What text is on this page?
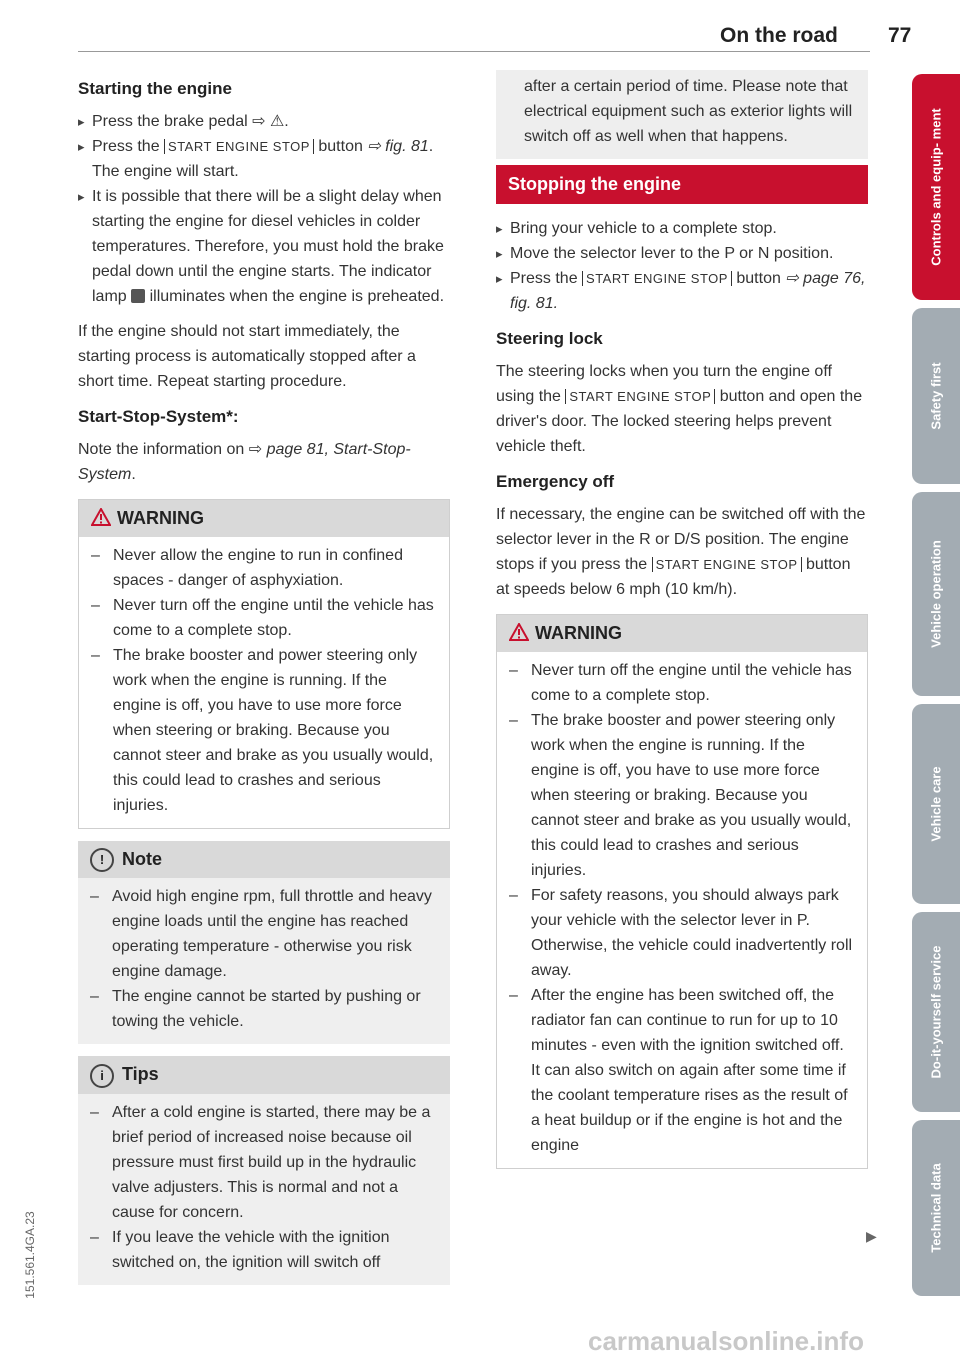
On the road 77
Starting the engine
▸ Press the brake pedal ⇨ ⚠.
▸ Press the START ENGINE STOP button ⇨ fig. 81. The engine will start.
▸ It is possible that there will be a slight delay when starting the engine for diesel vehicles in colder temperatures. Therefore, you must hold the brake pedal down until the engine starts. The indicator lamp illuminates when the engine is preheated.

If the engine should not start immediately, the starting process is automatically stopped after a short time. Repeat starting procedure.

Start-Stop-System*:

Note the information on ⇨ page 81, Start-Stop-System.

WARNING
– Never allow the engine to run in confined spaces - danger of asphyxiation.
– Never turn off the engine until the vehicle has come to a complete stop.
– The brake booster and power steering only work when the engine is running. If the engine is off, you have to use more force when steering or braking. Because you cannot steer and brake as you usually would, this could lead to crashes and serious injuries.
! Note
– Avoid high engine rpm, full throttle and heavy engine loads until the engine has reached operating temperature - otherwise you risk engine damage.
– The engine cannot be started by pushing or towing the vehicle.
i Tips
– After a cold engine is started, there may be a brief period of increased noise because oil pressure must first build up in the hydraulic valve adjusters. This is normal and not a cause for concern.
– If you leave the vehicle with the ignition switched on, the ignition will switch off
after a certain period of time. Please note that electrical equipment such as exterior lights will switch off as well when that happens.
Stopping the engine
▸ Bring your vehicle to a complete stop.
▸ Move the selector lever to the P or N position.
▸ Press the START ENGINE STOP button ⇨ page 76, fig. 81.
Steering lock

The steering locks when you turn the engine off using the START ENGINE STOP button and open the driver's door. The locked steering helps prevent vehicle theft.

Emergency off

If necessary, the engine can be switched off with the selector lever in the R or D/S position. The engine stops if you press the START ENGINE STOP button at speeds below 6 mph (10 km/h).

WARNING
– Never turn off the engine until the vehicle has come to a complete stop.
– The brake booster and power steering only work when the engine is running. If the engine is off, you have to use more force when steering or braking. Because you cannot steer and brake as you usually would, this could lead to crashes and serious injuries.
– For safety reasons, you should always park your vehicle with the selector lever in P. Otherwise, the vehicle could inadvertently roll away.
– After the engine has been switched off, the radiator fan can continue to run for up to 10 minutes - even with the ignition switched off. It can also switch on again after some time if the coolant temperature rises as the result of a heat buildup or if the engine is hot and the engine
▶
Controls and equip- ment
Safety first
Vehicle operation
Vehicle care
Do-it-yourself service
Technical data
151.561.4GA.23
carmanualsonline.info
